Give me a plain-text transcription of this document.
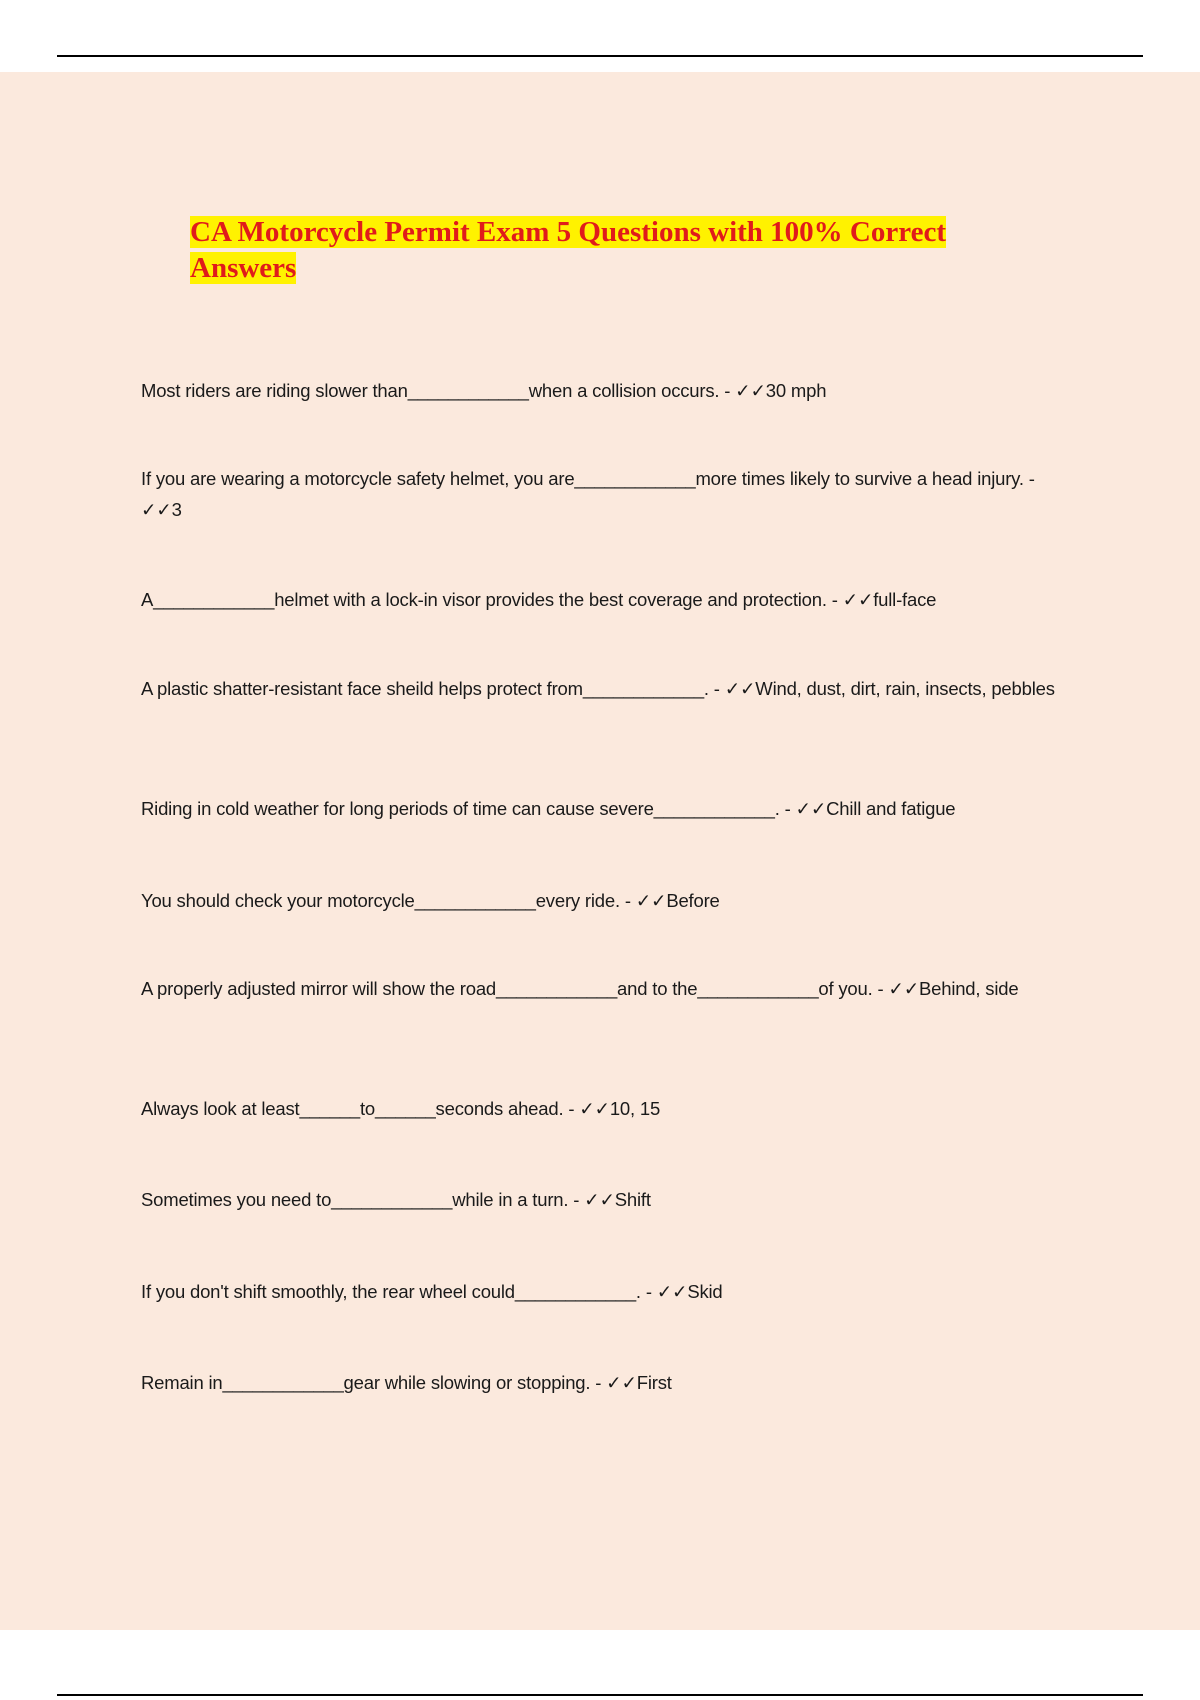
CA Motorcycle Permit Exam 5 Questions with 100% Correct Answers
Most riders are riding slower than____________when a collision occurs. - ✓✓30 mph
If you are wearing a motorcycle safety helmet, you are____________more times likely to survive a head injury. - ✓✓3
A____________helmet with a lock-in visor provides the best coverage and protection. - ✓✓full-face
A plastic shatter-resistant face sheild helps protect from____________. - ✓✓Wind, dust, dirt, rain, insects, pebbles
Riding in cold weather for long periods of time can cause severe____________. - ✓✓Chill and fatigue
You should check your motorcycle____________every ride. - ✓✓Before
A properly adjusted mirror will show the road____________and to the____________of you. - ✓✓Behind, side
Always look at least______to______seconds ahead. - ✓✓10, 15
Sometimes you need to____________while in a turn. - ✓✓Shift
If you don't shift smoothly, the rear wheel could____________. - ✓✓Skid
Remain in____________gear while slowing or stopping. - ✓✓First
